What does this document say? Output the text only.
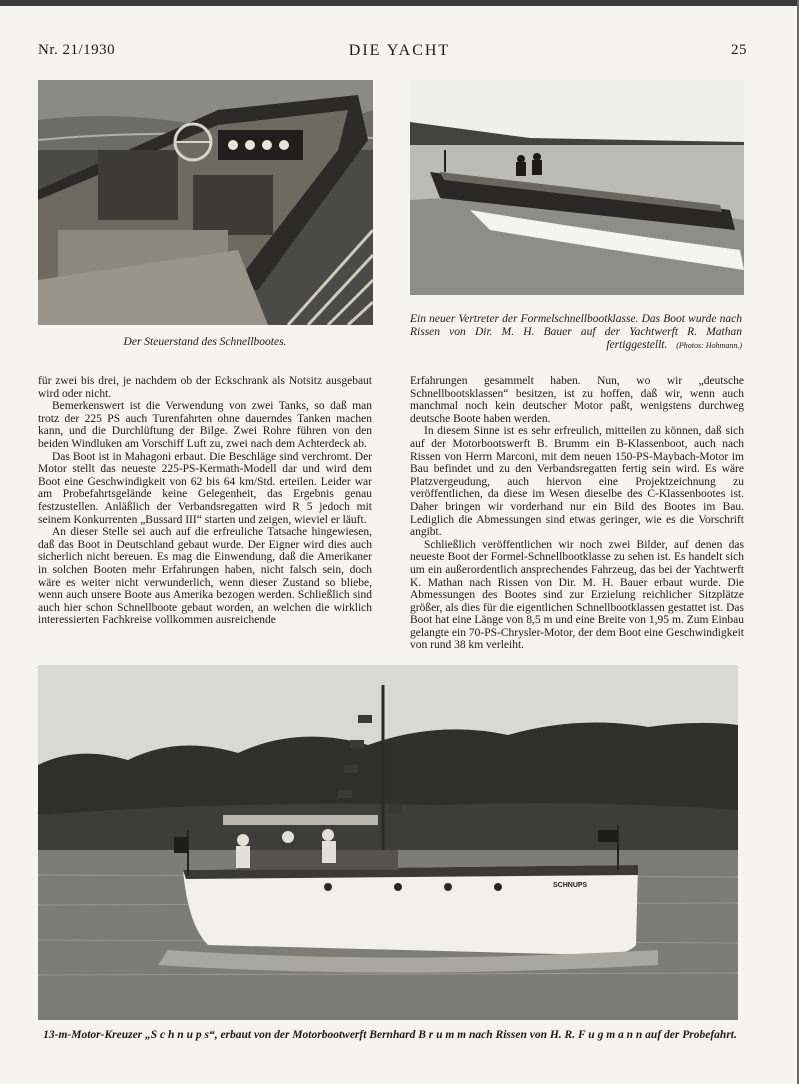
DIE YACHT
Nr. 21/1930	25
Der Steuerstand des Schnellbootes.
Ein neuer Vertreter der Formelschnellbootklasse. Das Boot wurde nach Rissen von Dir. M. H. Bauer auf der Yachtwerft R. Mathan fertiggestellt. (Photos: Hohmann.)

für zwei bis drei, je nachdem ob der Eckschrank als Notsitz ausgebaut wird oder nicht.

Bemerkenswert ist die Verwendung von zwei Tanks, so daß man trotz der 225 PS auch Turenfahrten ohne dauerndes Tanken machen kann, und die Durchlüftung der Bilge. Zwei Rohre führen von den beiden Windluken am Vorschiff Luft zu, zwei nach dem Achterdeck ab.

Das Boot ist in Mahagoni erbaut. Die Beschläge sind verchromt. Der Motor stellt das neueste 225-PS-Kermath-Modell dar und wird dem Boot eine Geschwindigkeit von 62 bis 64 km/Std. erteilen. Leider war am Probefahrtsgelände keine Gelegenheit, das Ergebnis genau festzustellen. Anläßlich der Verbandsregatten wird R 5 jedoch mit seinem Konkurrenten „Bussard III“ starten und zeigen, wieviel er läuft.

An dieser Stelle sei auch auf die erfreuliche Tatsache hingewiesen, daß das Boot in Deutschland gebaut wurde. Der Eigner wird dies auch sicherlich nicht bereuen. Es mag die Einwendung, daß die Amerikaner in solchen Booten mehr Erfahrungen haben, nicht falsch sein, doch wäre es weiter nicht verwunderlich, wenn dieser Zustand so bliebe, wenn auch unsere Boote aus Amerika bezogen werden. Schließlich sind auch hier schon Schnellboote gebaut worden, an welchen die wirklich interessierten Fachkreise vollkommen ausreichende

Erfahrungen gesammelt haben. Nun, wo wir „deutsche Schnellbootsklassen“ besitzen, ist zu hoffen, daß wir, wenn auch manchmal noch kein deutscher Motor paßt, wenigstens durchweg deutsche Boote haben werden.

In diesem Sinne ist es sehr erfreulich, mitteilen zu können, daß sich auf der Motorbootswerft B. Brumm ein B-Klassenboot, auch nach Rissen von Herrn Marconi, mit dem neuen 150-PS-Maybach-Motor im Bau befindet und zu den Verbandsregatten fertig sein wird. Es wäre Platzvergeudung, auch hiervon eine Projektzeichnung zu veröffentlichen, da diese im Wesen dieselbe des C-Klassenbootes ist. Daher bringen wir vorderhand nur ein Bild des Bootes im Bau. Lediglich die Abmessungen sind etwas geringer, wie es die Vorschrift angibt.

Schließlich veröffentlichen wir noch zwei Bilder, auf denen das neueste Boot der Formel-Schnellbootklasse zu sehen ist. Es handelt sich um ein außerordentlich ansprechendes Fahrzeug, das bei der Yachtwerft K. Mathan nach Rissen von Dir. M. H. Bauer erbaut wurde. Die Abmessungen des Bootes sind zur Erzielung reichlicher Sitzplätze größer, als dies für die eigentlichen Schnellbootklassen gestattet ist. Das Boot hat eine Länge von 8,5 m und eine Breite von 1,95 m. Zum Einbau gelangte ein 70-PS-Chrysler-Motor, der dem Boot eine Geschwindigkeit von rund 38 km verleiht.

SCHNUPS
13-m-Motor-Kreuzer „S c h n u p s“, erbaut von der Motorbootwerft Bernhard B r u m m nach Rissen von H. R. F u g m a n n auf der Probefahrt.
